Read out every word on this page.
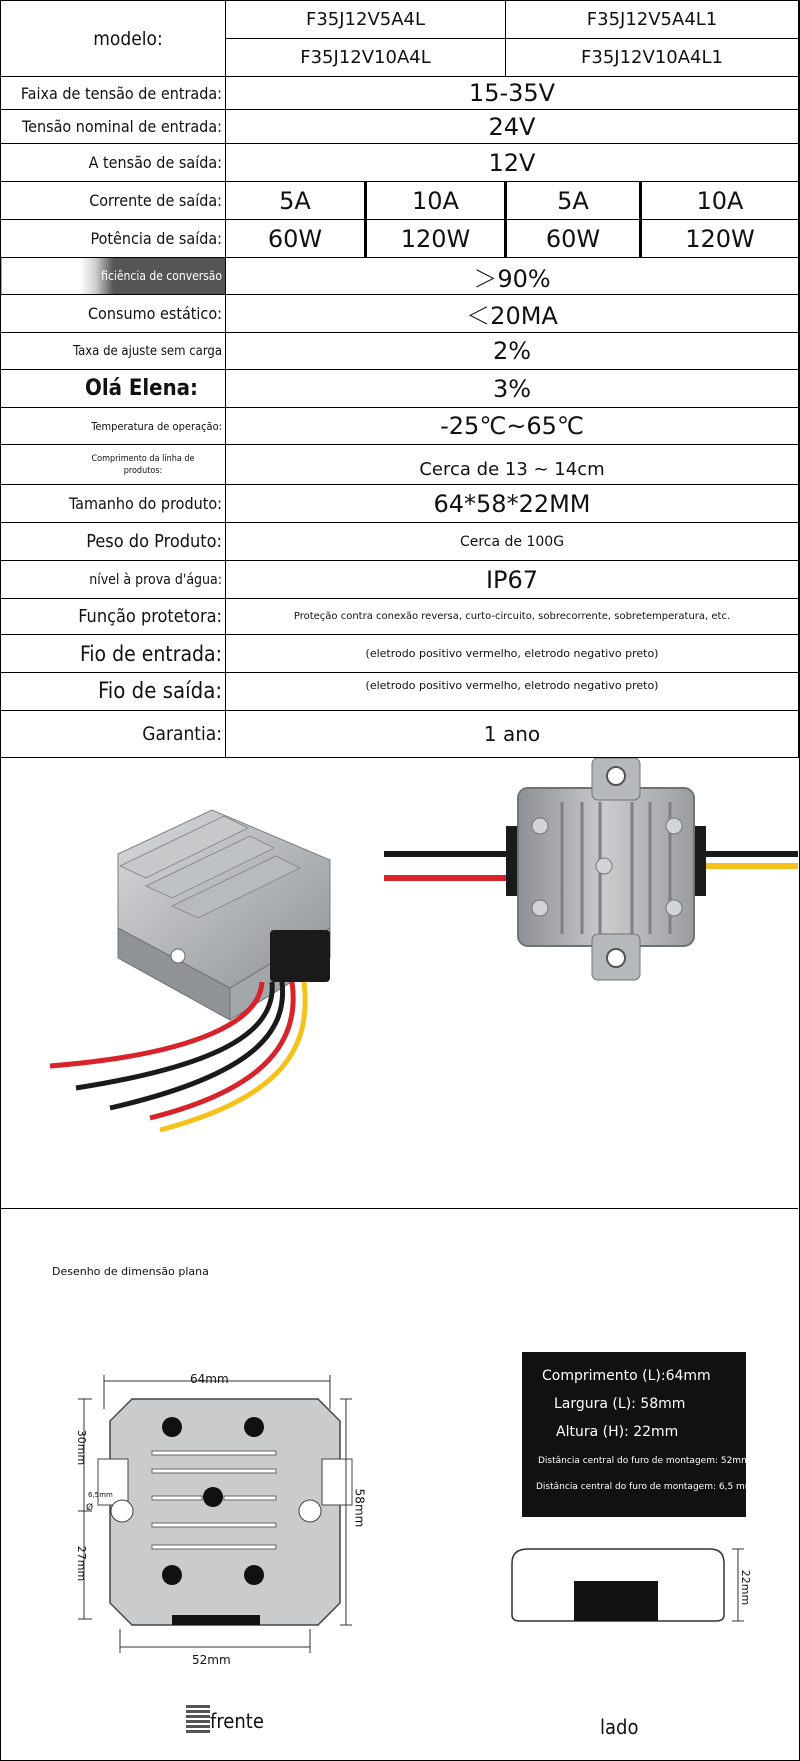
modelo:	F35J12V5A4L		F35J12V5A4L1	
	F35J12V10A4L		F35J12V10A4L1	
Faixa de tensão de entrada:	15-35V			
Tensão nominal de entrada:	24V			
A tensão de saída:	12V			
Corrente de saída:	5A	10A	5A	10A
Potência de saída:	60W	120W	60W	120W
ficiência de conversão	＞90%			
Consumo estático:	＜20MA			
Taxa de ajuste sem carga	2%			
Olá Elena:	3%			
Temperatura de operação:	-25℃~65℃			
Comprimento da linha de produtos:	Cerca de 13 ~ 14cm			
Tamanho do produto:	64*58*22MM			
Peso do Produto:	Cerca de 100G			
nível à prova d'água:	IP67			
Função protetora:	Proteção contra conexão reversa, curto-circuito, sobrecorrente, sobretemperatura, etc.			
Fio de entrada:	(eletrodo positivo vermelho, eletrodo negativo preto)			
Fio de saída:	(eletrodo positivo vermelho, eletrodo negativo preto)			
Garantia:	1 ano			
Desenho de dimensão plana
64mm
58mm
30mm
27mm
6,5mm
Ø
52mm
frente
22mm
lado
Comprimento (L):64mm
Largura (L): 58mm
Altura (H): 22mm
Distância central do furo de montagem: 52mm
Distância central do furo de montagem: 6,5 mm
